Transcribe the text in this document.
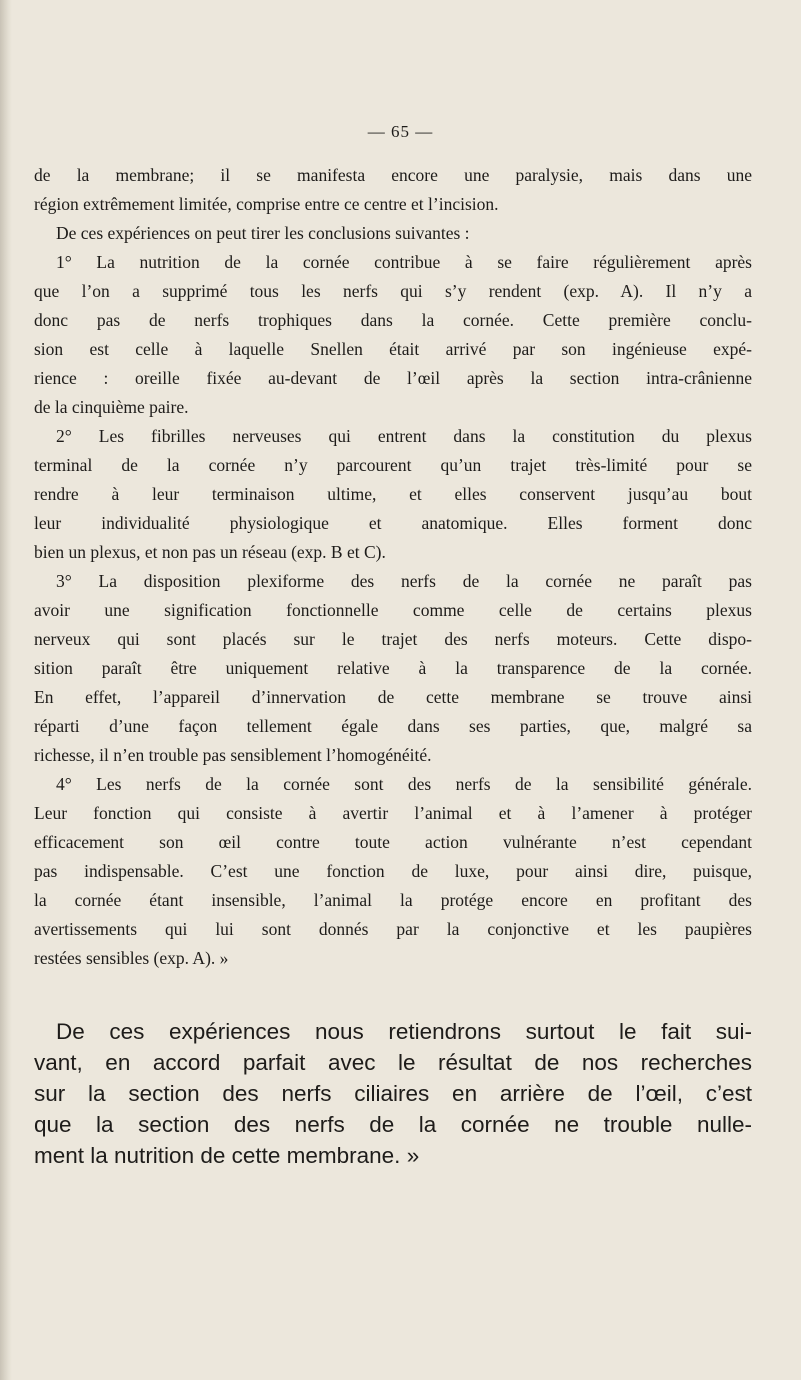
— 65 —
de la membrane; il se manifesta encore une paralysie, mais dans une
région extrêmement limitée, comprise entre ce centre et l’incision.
De ces expériences on peut tirer les conclusions suivantes :
1° La nutrition de la cornée contribue à se faire régulièrement après
que l’on a supprimé tous les nerfs qui s’y rendent (exp. A). Il n’y a
donc pas de nerfs trophiques dans la cornée. Cette première conclu-
sion est celle à laquelle Snellen était arrivé par son ingénieuse expé-
rience : oreille fixée au-devant de l’œil après la section intra-crânienne
de la cinquième paire.
2° Les fibrilles nerveuses qui entrent dans la constitution du plexus
terminal de la cornée n’y parcourent qu’un trajet très-limité pour se
rendre à leur terminaison ultime, et elles conservent jusqu’au bout
leur individualité physiologique et anatomique. Elles forment donc
bien un plexus, et non pas un réseau (exp. B et C).
3° La disposition plexiforme des nerfs de la cornée ne paraît pas
avoir une signification fonctionnelle comme celle de certains plexus
nerveux qui sont placés sur le trajet des nerfs moteurs. Cette dispo-
sition paraît être uniquement relative à la transparence de la cornée.
En effet, l’appareil d’innervation de cette membrane se trouve ainsi
réparti d’une façon tellement égale dans ses parties, que, malgré sa
richesse, il n’en trouble pas sensiblement l’homogénéité.
4° Les nerfs de la cornée sont des nerfs de la sensibilité générale.
Leur fonction qui consiste à avertir l’animal et à l’amener à protéger
efficacement son œil contre toute action vulnérante n’est cependant
pas indispensable. C’est une fonction de luxe, pour ainsi dire, puisque,
la cornée étant insensible, l’animal la protége encore en profitant des
avertissements qui lui sont donnés par la conjonctive et les paupières
restées sensibles (exp. A). »
De ces expériences nous retiendrons surtout le fait sui-
vant, en accord parfait avec le résultat de nos recherches
sur la section des nerfs ciliaires en arrière de l’œil, c’est
que la section des nerfs de la cornée ne trouble nulle-
ment la nutrition de cette membrane. »
